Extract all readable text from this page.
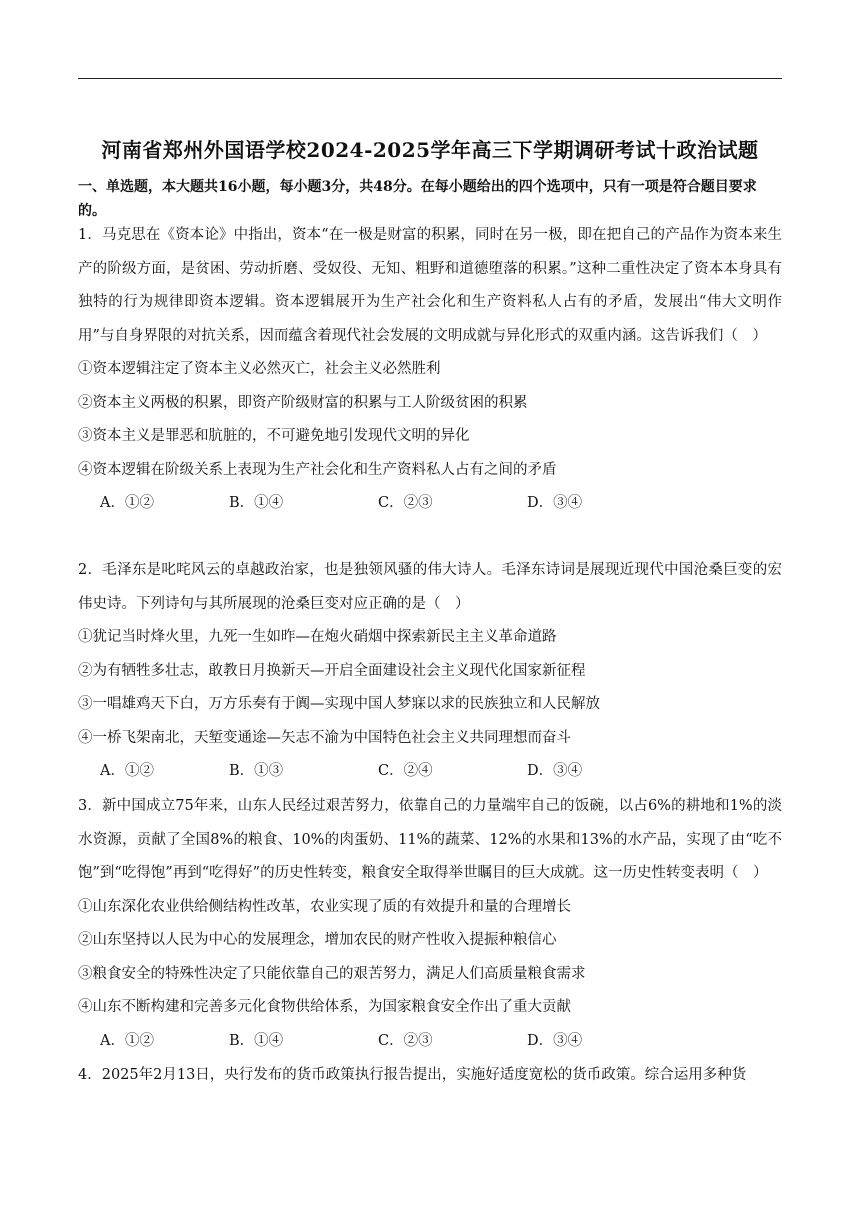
河南省郑州外国语学校2024-2025学年高三下学期调研考试十政治试题
一、单选题，本大题共16小题，每小题3分，共48分。在每小题给出的四个选项中，只有一项是符合题目要求的。
1．马克思在《资本论》中指出，资本“在一极是财富的积累，同时在另一极，即在把自己的产品作为资本来生产的阶级方面，是贫困、劳动折磨、受奴役、无知、粗野和道德堕落的积累。”这种二重性决定了资本本身具有独特的行为规律即资本逻辑。资本逻辑展开为生产社会化和生产资料私人占有的矛盾，发展出“伟大文明作用”与自身界限的对抗关系，因而蕴含着现代社会发展的文明成就与异化形式的双重内涵。这告诉我们（　）
①资本逻辑注定了资本主义必然灭亡，社会主义必然胜利
②资本主义两极的积累，即资产阶级财富的积累与工人阶级贫困的积累
③资本主义是罪恶和肮脏的，不可避免地引发现代文明的异化
④资本逻辑在阶级关系上表现为生产社会化和生产资料私人占有之间的矛盾
A．①②	B．①④	C．②③	D．③④
2．毛泽东是叱咤风云的卓越政治家，也是独领风骚的伟大诗人。毛泽东诗词是展现近现代中国沧桑巨变的宏伟史诗。下列诗句与其所展现的沧桑巨变对应正确的是（　）
①犹记当时烽火里，九死一生如昨—在炮火硝烟中探索新民主主义革命道路
②为有牺牲多壮志，敢教日月换新天—开启全面建设社会主义现代化国家新征程
③一唱雄鸡天下白，万方乐奏有于阗—实现中国人梦寐以求的民族独立和人民解放
④一桥飞架南北，天堑变通途—矢志不渝为中国特色社会主义共同理想而奋斗
A．①②	B．①③	C．②④	D．③④
3．新中国成立75年来，山东人民经过艰苦努力，依靠自己的力量端牢自己的饭碗，以占6%的耕地和1%的淡水资源，贡献了全国8%的粮食、10%的肉蛋奶、11%的蔬菜、12%的水果和13%的水产品，实现了由“吃不饱”到“吃得饱”再到“吃得好”的历史性转变，粮食安全取得举世瞩目的巨大成就。这一历史性转变表明（　）
①山东深化农业供给侧结构性改革，农业实现了质的有效提升和量的合理增长
②山东坚持以人民为中心的发展理念，增加农民的财产性收入提振种粮信心
③粮食安全的特殊性决定了只能依靠自己的艰苦努力，满足人们高质量粮食需求
④山东不断构建和完善多元化食物供给体系，为国家粮食安全作出了重大贡献
A．①②	B．①④	C．②③	D．③④
4．2025年2月13日，央行发布的货币政策执行报告提出，实施好适度宽松的货币政策。综合运用多种货
